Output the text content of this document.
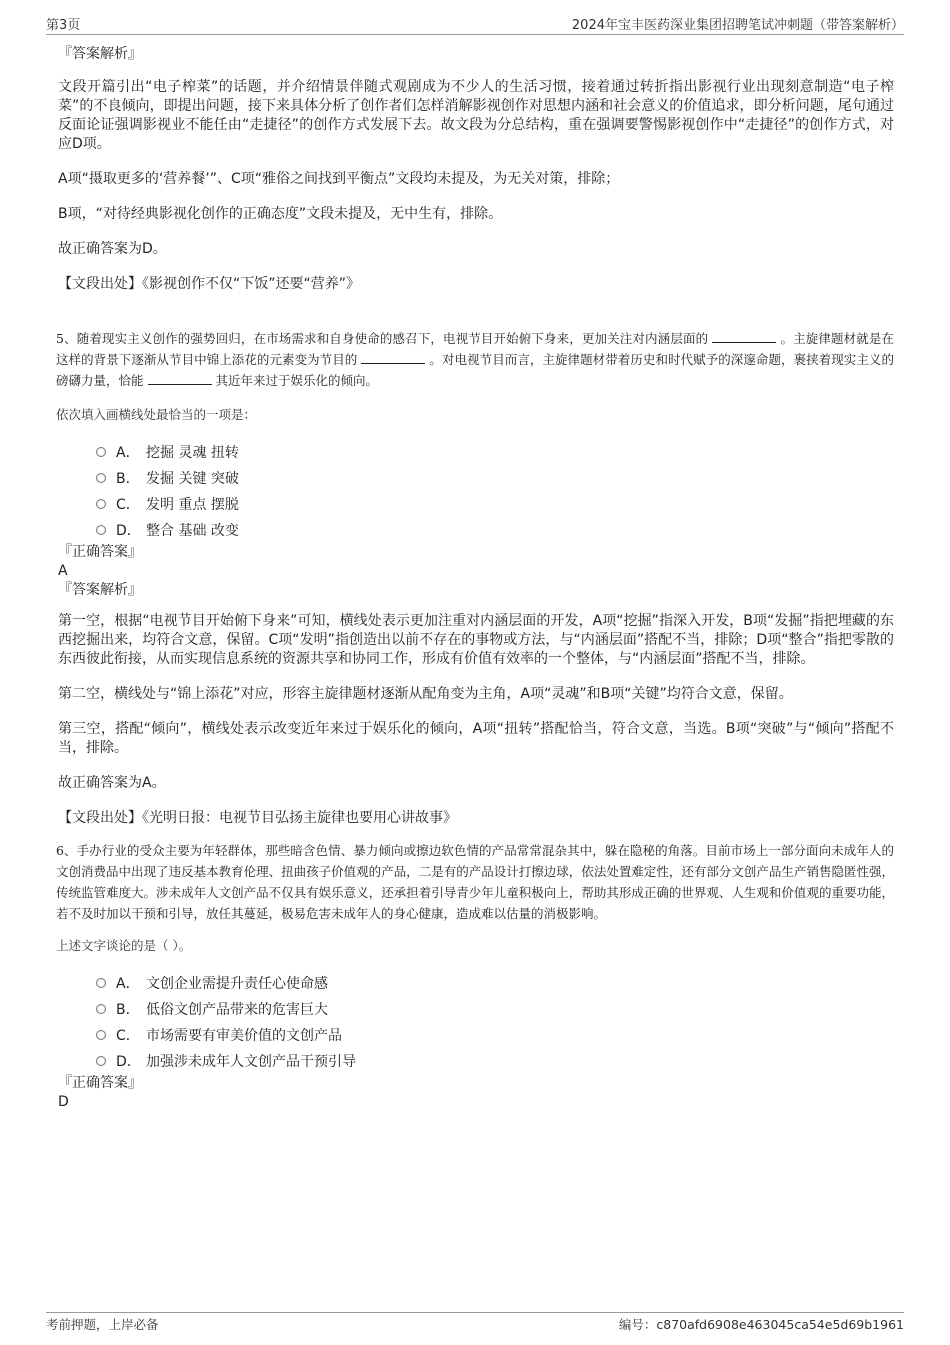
第3页	2024年宝丰医药深业集团招聘笔试冲刺题（带答案解析）
『答案解析』

文段开篇引出“电子榨菜”的话题，并介绍情景伴随式观剧成为不少人的生活习惯，接着通过转折指出影视行业出现刻意制造“电子榨菜”的不良倾向，即提出问题，接下来具体分析了创作者们怎样消解影视创作对思想内涵和社会意义的价值追求，即分析问题，尾句通过反面论证强调影视业不能任由“走捷径”的创作方式发展下去。故文段为分总结构，重在强调要警惕影视创作中“走捷径”的创作方式，对应D项。

A项“摄取更多的‘营养餐’”、C项“雅俗之间找到平衡点”文段均未提及，为无关对策，排除；

B项，“对待经典影视化创作的正确态度”文段未提及，无中生有，排除。

故正确答案为D。

【文段出处】《影视创作不仅“下饭”还要“营养”》

5、随着现实主义创作的强势回归，在市场需求和自身使命的感召下，电视节目开始俯下身来，更加关注对内涵层面的	。主旋律题材就是在这样的背景下逐渐从节目中锦上添花的元素变为节目的	。对电视节目而言，主旋律题材带着历史和时代赋予的深邃命题，裹挟着现实主义的磅礴力量，恰能	其近年来过于娱乐化的倾向。

依次填入画横线处最恰当的一项是：

A． 挖掘 灵魂 扭转
B． 发掘 关键 突破
C． 发明 重点 摆脱
D． 整合 基础 改变
『正确答案』
A
『答案解析』

第一空，根据“电视节目开始俯下身来”可知，横线处表示更加注重对内涵层面的开发，A项“挖掘”指深入开发，B项“发掘”指把埋藏的东西挖掘出来，均符合文意，保留。C项“发明”指创造出以前不存在的事物或方法，与“内涵层面”搭配不当，排除；D项“整合”指把零散的东西彼此衔接，从而实现信息系统的资源共享和协同工作，形成有价值有效率的一个整体，与“内涵层面”搭配不当，排除。

第二空，横线处与“锦上添花”对应，形容主旋律题材逐渐从配角变为主角，A项“灵魂”和B项“关键”均符合文意，保留。

第三空，搭配“倾向”，横线处表示改变近年来过于娱乐化的倾向，A项“扭转”搭配恰当，符合文意，当选。B项“突破”与“倾向”搭配不当，排除。

故正确答案为A。

【文段出处】《光明日报：电视节目弘扬主旋律也要用心讲故事》

6、手办行业的受众主要为年轻群体，那些暗含色情、暴力倾向或擦边软色情的产品常常混杂其中，躲在隐秘的角落。目前市场上一部分面向未成年人的文创消费品中出现了违反基本教育伦理、扭曲孩子价值观的产品，二是有的产品设计打擦边球，依法处置难定性，还有部分文创产品生产销售隐匿性强，传统监管难度大。涉未成年人文创产品不仅具有娱乐意义，还承担着引导青少年儿童积极向上，帮助其形成正确的世界观、人生观和价值观的重要功能，若不及时加以干预和引导，放任其蔓延，极易危害未成年人的身心健康，造成难以估量的消极影响。

上述文字谈论的是（ ）。

A． 文创企业需提升责任心使命感
B． 低俗文创产品带来的危害巨大
C． 市场需要有审美价值的文创产品
D． 加强涉未成年人文创产品干预引导
『正确答案』
D
考前押题，上岸必备	编号：c870afd6908e463045ca54e5d69b1961
